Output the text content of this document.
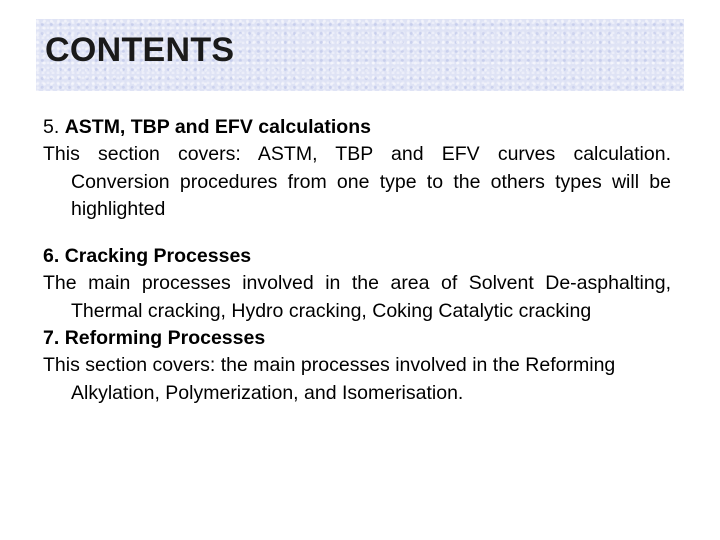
CONTENTS

5. ASTM, TBP and EFV calculations

This section covers: ASTM, TBP and EFV curves calculation. Conversion procedures from one type to the others types will be highlighted

6. Cracking Processes

The main processes involved in the area of Solvent De-asphalting, Thermal cracking, Hydro cracking, Coking Catalytic cracking

7. Reforming Processes

This section covers: the main processes involved in the Reforming Alkylation, Polymerization, and Isomerisation.
